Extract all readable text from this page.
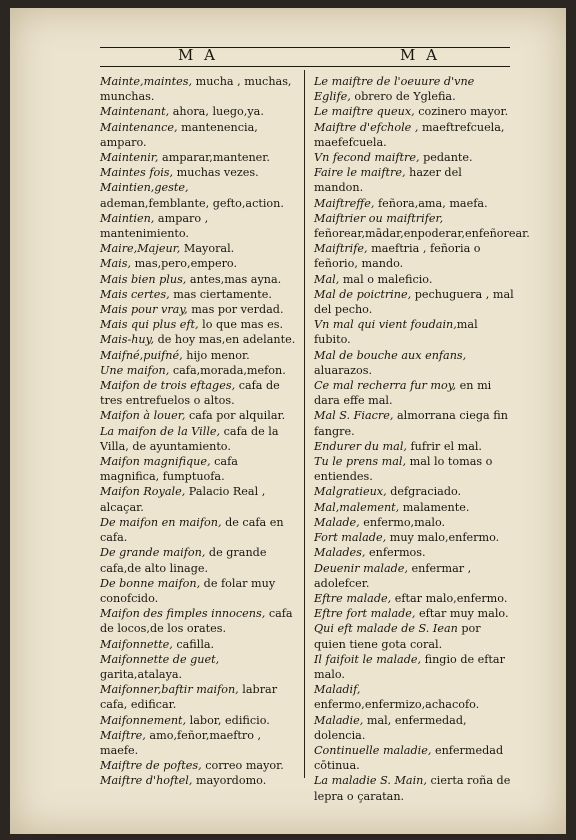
M A	M A
Mainte,maintes, mucha , muchas, munchas.
Maintenant, ahora, luego,ya.
Maintenance, mantenencia, amparo.
Maintenir, amparar,mantener.
Maintes fois, muchas vezes.
Maintien,geste, ademan,femblante, gefto,action.
Maintien, amparo , mantenimiento.
Maire,Majeur, Mayoral.
Mais, mas,pero,empero.
Mais bien plus, antes,mas ayna.
Mais certes, mas ciertamente.
Mais pour vray, mas por verdad.
Mais qui plus eft, lo que mas es.
Mais-huy, de hoy mas,en adelante.
Maifné,puifné, hijo menor.
Une maifon, cafa,morada,mefon.
Maifon de trois eftages, cafa de tres entrefuelos o altos.
Maifon à louer, cafa por alquilar.
La maifon de la Ville, cafa de la Villa, de ayuntamiento.
Maifon magnifique, cafa magnifica, fumptuofa.
Maifon Royale, Palacio Real , alcaçar.
De maifon en maifon, de cafa en cafa.
De grande maifon, de grande cafa,de alto linage.
De bonne maifon, de folar muy conofcido.
Maifon des fimples innocens, cafa de locos,de los orates.
Maifonnette, cafilla.
Maifonnette de guet, garita,atalaya.
Maifonner,baftir maifon, labrar cafa, edificar.
Maifonnement, labor, edificio.
Maiftre, amo,feñor,maeftro , maefe.
Maiftre de poftes, correo mayor.
Maiftre d'hoftel, mayordomo.
Le maiftre de l'oeuure d'vne Eglife, obrero de Yglefia.
Le maiftre queux, cozinero mayor.
Maiftre d'efchole , maeftrefcuela, maefefcuela.
Vn fecond maiftre, pedante.
Faire le maiftre, hazer del mandon.
Maiftreffe, feñora,ama, maefa.
Maiftrier ou maiftrifer, feñorear,mādar,enpoderar,enfeñorear.
Maiftrife, maeftria , feñoria o feñorio, mando.
Mal, mal o maleficio.
Mal de poictrine, pechuguera , mal del pecho.
Vn mal qui vient foudain,mal fubito.
Mal de bouche aux enfans, aluarazos.
Ce mal recherra fur moy, en mi dara effe mal.
Mal S. Fiacre, almorrana ciega fin fangre.
Endurer du mal, fufrir el mal.
Tu le prens mal, mal lo tomas o entiendes.
Malgratieux, defgraciado.
Mal,malement, malamente.
Malade, enfermo,malo.
Fort malade, muy malo,enfermo.
Malades, enfermos.
Deuenir malade, enfermar , adolefcer.
Eftre malade, eftar malo,enfermo.
Eftre fort malade, eftar muy malo.
Qui eft malade de S. Iean por quien tiene gota coral.
Il faifoit le malade, fingio de eftar malo.
Maladif, enfermo,enfermizo,achacofo.
Maladie, mal, enfermedad, dolencia.
Continuelle maladie, enfermedad cōtinua.
La maladie S. Main, cierta roña de lepra o çaratan.
